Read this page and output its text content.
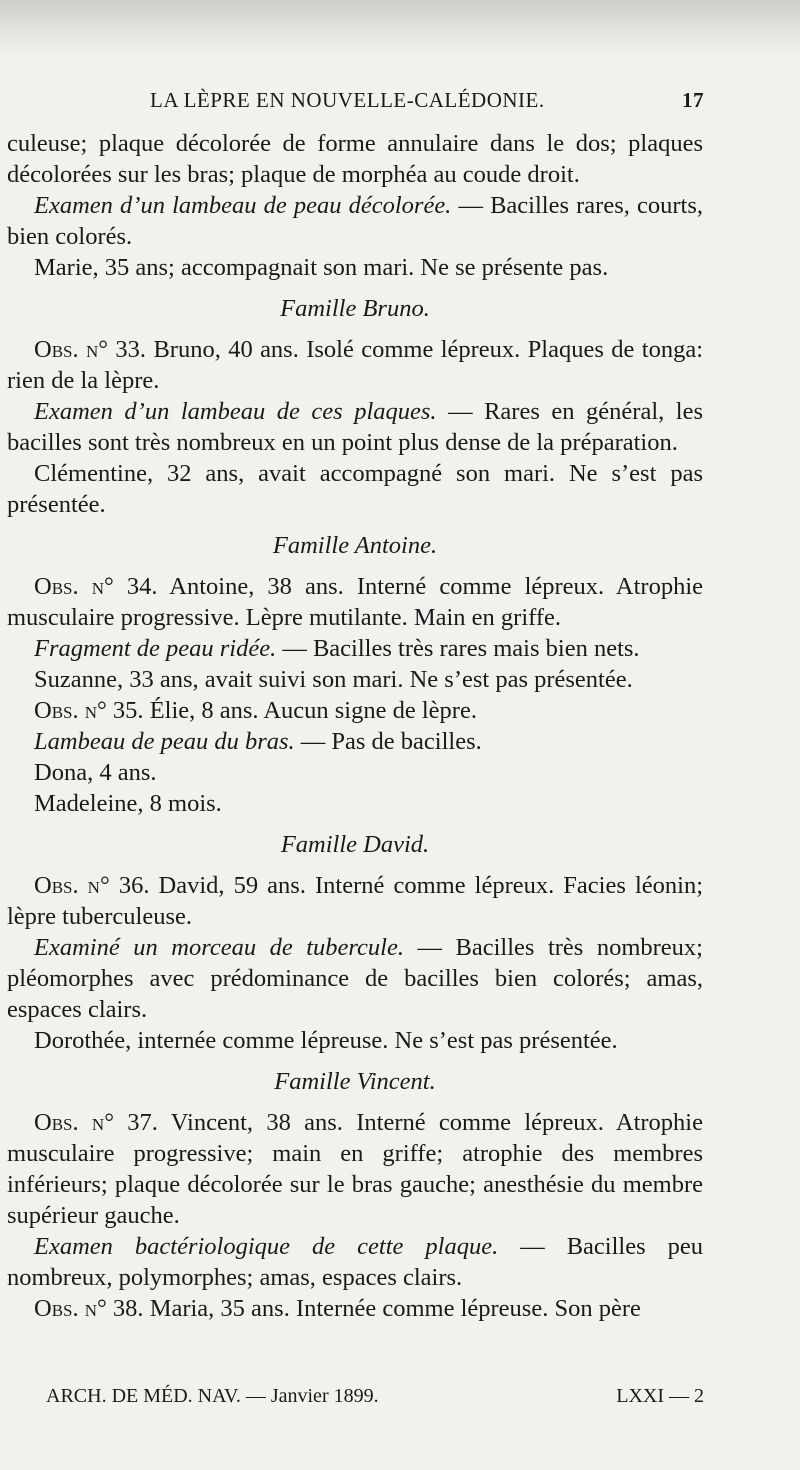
LA LÈPRE EN NOUVELLE-CALÉDONIE.	17

culeuse; plaque décolorée de forme annulaire dans le dos; plaques décolorées sur les bras; plaque de morphéa au coude droit.

Examen d’un lambeau de peau décolorée. — Bacilles rares, courts, bien colorés.

Marie, 35 ans; accompagnait son mari. Ne se présente pas.

Famille Bruno.

Obs. n° 33. Bruno, 40 ans. Isolé comme lépreux. Plaques de tonga: rien de la lèpre.

Examen d’un lambeau de ces plaques. — Rares en général, les bacilles sont très nombreux en un point plus dense de la préparation.

Clémentine, 32 ans, avait accompagné son mari. Ne s’est pas présentée.

Famille Antoine.

Obs. n° 34. Antoine, 38 ans. Interné comme lépreux. Atrophie musculaire progressive. Lèpre mutilante. Main en griffe.

Fragment de peau ridée. — Bacilles très rares mais bien nets.

Suzanne, 33 ans, avait suivi son mari. Ne s’est pas présentée.

Obs. n° 35. Élie, 8 ans. Aucun signe de lèpre.

Lambeau de peau du bras. — Pas de bacilles.

Dona, 4 ans.

Madeleine, 8 mois.

Famille David.

Obs. n° 36. David, 59 ans. Interné comme lépreux. Facies léonin; lèpre tuberculeuse.

Examiné un morceau de tubercule. — Bacilles très nombreux; pléomorphes avec prédominance de bacilles bien colorés; amas, espaces clairs.

Dorothée, internée comme lépreuse. Ne s’est pas présentée.

Famille Vincent.

Obs. n° 37. Vincent, 38 ans. Interné comme lépreux. Atrophie musculaire progressive; main en griffe; atrophie des membres inférieurs; plaque décolorée sur le bras gauche; anesthésie du membre supérieur gauche.

Examen bactériologique de cette plaque. — Bacilles peu nombreux, polymorphes; amas, espaces clairs.

Obs. n° 38. Maria, 35 ans. Internée comme lépreuse. Son père

ARCH. DE MÉD. NAV. — Janvier 1899.	LXXI — 2
